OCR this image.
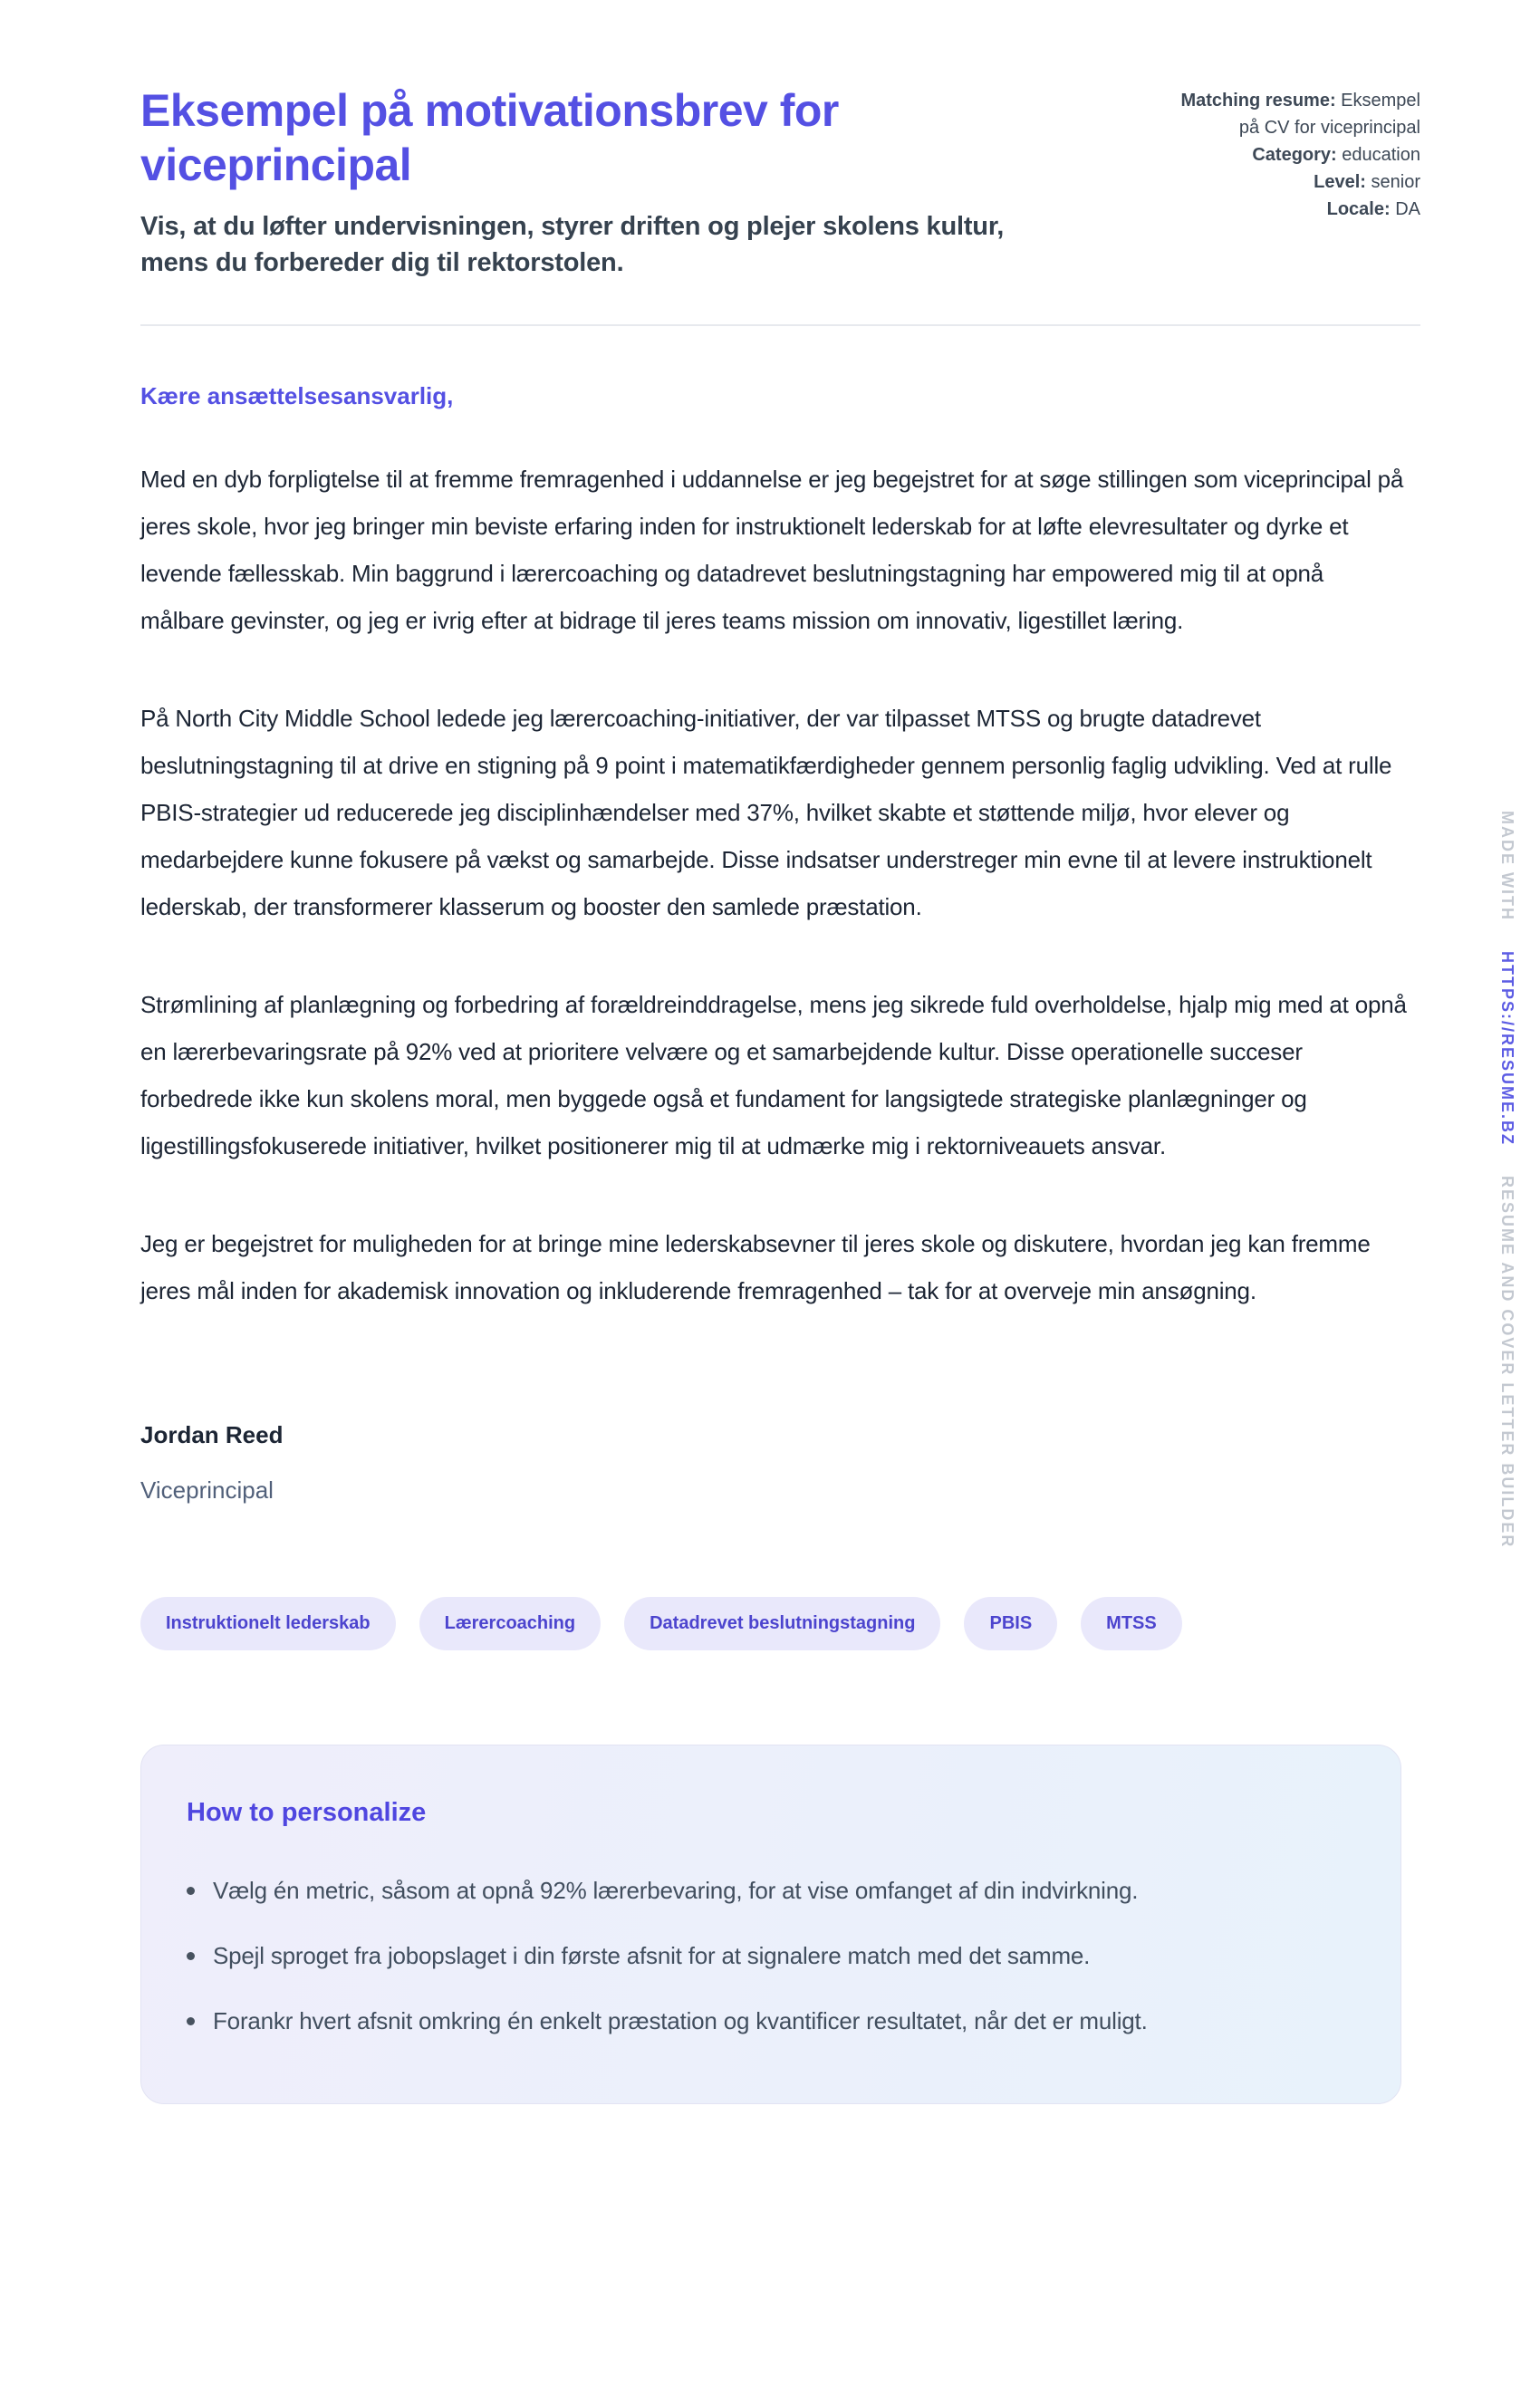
Eksempel på motivationsbrev for viceprincipal

Vis, at du løfter undervisningen, styrer driften og plejer skolens kultur, mens du forbereder dig til rektorstolen.

Matching resume: Eksempel på CV for viceprincipal

Category: education

Level: senior

Locale: DA

Kære ansættelsesansvarlig,

Med en dyb forpligtelse til at fremme fremragenhed i uddannelse er jeg begejstret for at søge stillingen som viceprincipal på jeres skole, hvor jeg bringer min beviste erfaring inden for instruktionelt lederskab for at løfte elevresultater og dyrke et levende fællesskab. Min baggrund i lærercoaching og datadrevet beslutningstagning har empowered mig til at opnå målbare gevinster, og jeg er ivrig efter at bidrage til jeres teams mission om innovativ, ligestillet læring.

På North City Middle School ledede jeg lærercoaching-initiativer, der var tilpasset MTSS og brugte datadrevet beslutningstagning til at drive en stigning på 9 point i matematikfærdigheder gennem personlig faglig udvikling. Ved at rulle PBIS-strategier ud reducerede jeg disciplinhændelser med 37%, hvilket skabte et støttende miljø, hvor elever og medarbejdere kunne fokusere på vækst og samarbejde. Disse indsatser understreger min evne til at levere instruktionelt lederskab, der transformerer klasserum og booster den samlede præstation.

Strømlining af planlægning og forbedring af forældreinddragelse, mens jeg sikrede fuld overholdelse, hjalp mig med at opnå en lærerbevaringsrate på 92% ved at prioritere velvære og et samarbejdende kultur. Disse operationelle succeser forbedrede ikke kun skolens moral, men byggede også et fundament for langsigtede strategiske planlægninger og ligestillingsfokuserede initiativer, hvilket positionerer mig til at udmærke mig i rektorniveauets ansvar.

Jeg er begejstret for muligheden for at bringe mine lederskabsevner til jeres skole og diskutere, hvordan jeg kan fremme jeres mål inden for akademisk innovation og inkluderende fremragenhed – tak for at overveje min ansøgning.

Jordan Reed

Viceprincipal

Instruktionelt lederskab	Lærercoaching	Datadrevet beslutningstagning	PBIS	MTSS
How to personalize
Vælg én metric, såsom at opnå 92% lærerbevaring, for at vise omfanget af din indvirkning.
Spejl sproget fra jobopslaget i din første afsnit for at signalere match med det samme.
Forankr hvert afsnit omkring én enkelt præstation og kvantificer resultatet, når det er muligt.
MADE WITH HTTPS://RESUME.BZ RESUME AND COVER LETTER BUILDER
